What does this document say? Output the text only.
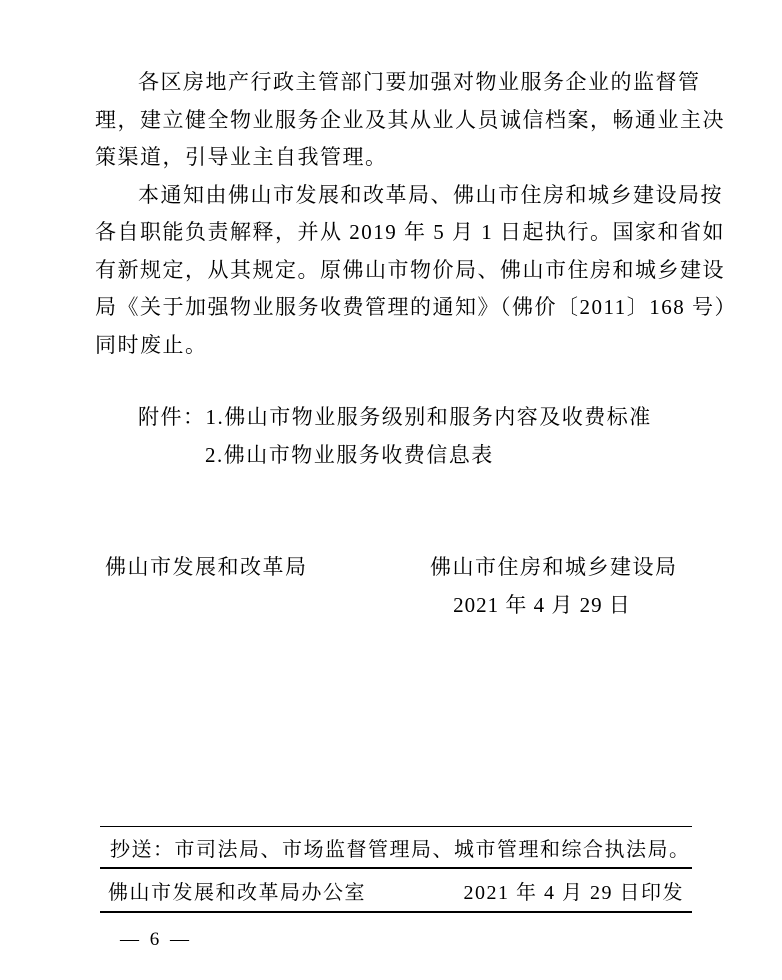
各区房地产行政主管部门要加强对物业服务企业的监督管
理，建立健全物业服务企业及其从业人员诚信档案，畅通业主决
策渠道，引导业主自我管理。
本通知由佛山市发展和改革局、佛山市住房和城乡建设局按
各自职能负责解释，并从 2019 年 5 月 1 日起执行。国家和省如
有新规定，从其规定。原佛山市物价局、佛山市住房和城乡建设
局《关于加强物业服务收费管理的通知》（佛价〔2011〕168 号）
同时废止。
附件：1.佛山市物业服务级别和服务内容及收费标准
2.佛山市物业服务收费信息表
佛山市发展和改革局	佛山市住房和城乡建设局
2021 年 4 月 29 日
抄送： 市司法局、市场监督管理局、城市管理和综合执法局。
佛山市发展和改革局办公室	2021 年 4 月 29 日印发
— 6 —
